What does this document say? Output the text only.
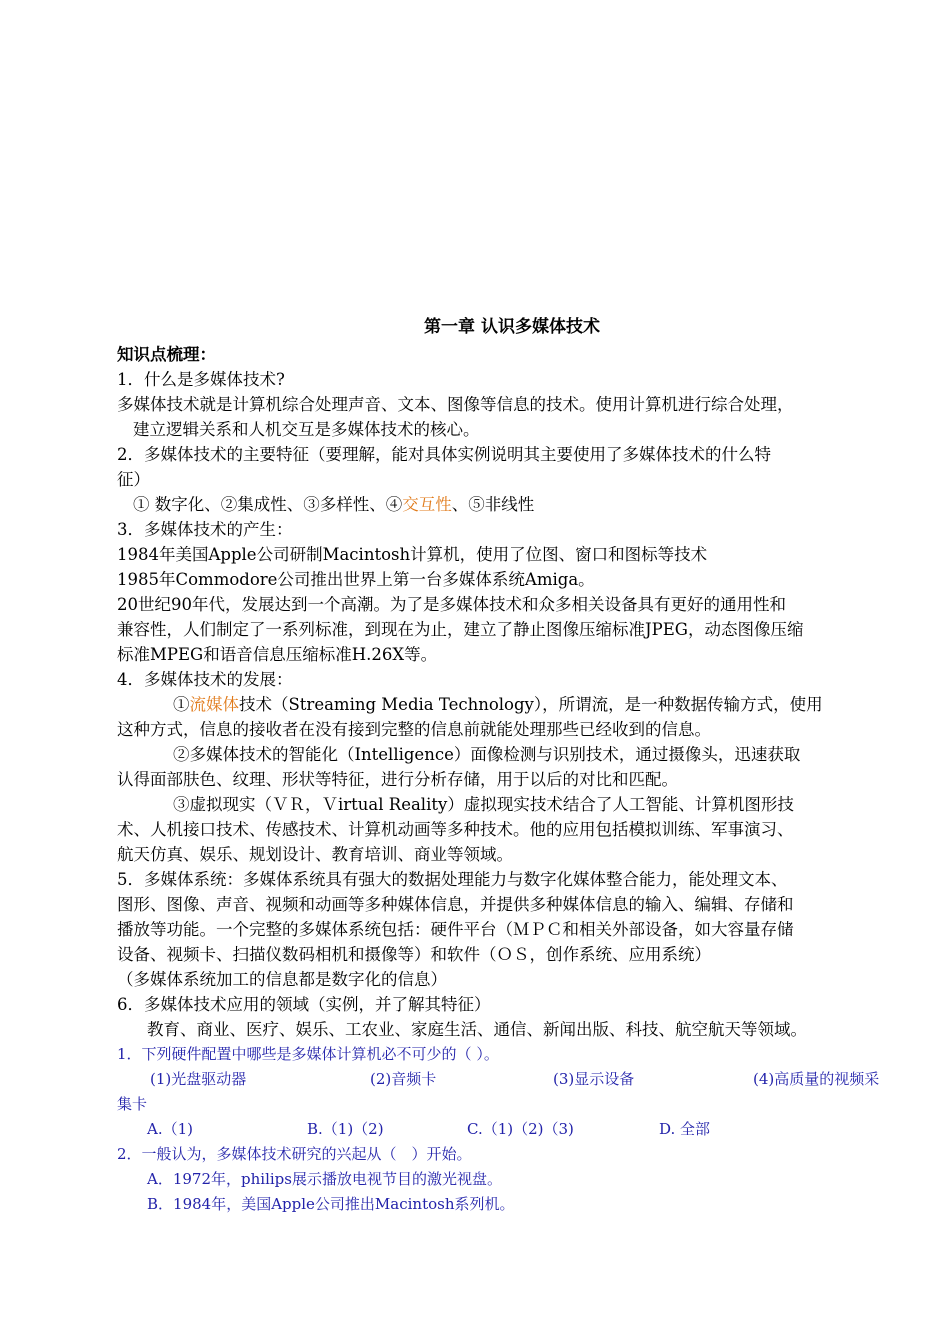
第一章 认识多媒体技术
知识点梳理：
1．什么是多媒体技术?
多媒体技术就是计算机综合处理声音、文本、图像等信息的技术。使用计算机进行综合处理，
建立逻辑关系和人机交互是多媒体技术的核心。
2．多媒体技术的主要特征（要理解，能对具体实例说明其主要使用了多媒体技术的什么特
征）
① 数字化、②集成性、③多样性、④交互性、⑤非线性
3．多媒体技术的产生：
1984年美国Apple公司研制Macintosh计算机，使用了位图、窗口和图标等技术
1985年Commodore公司推出世界上第一台多媒体系统Amiga。
20世纪90年代，发展达到一个高潮。为了是多媒体技术和众多相关设备具有更好的通用性和
兼容性，人们制定了一系列标准，到现在为止，建立了静止图像压缩标准JPEG，动态图像压缩
标准MPEG和语音信息压缩标准H.26X等。
4．多媒体技术的发展：
①流媒体技术（Streaming Media Technology），所谓流，是一种数据传输方式，使用
这种方式，信息的接收者在没有接到完整的信息前就能处理那些已经收到的信息。
②多媒体技术的智能化（Intelligence）面像检测与识别技术，通过摄像头，迅速获取
认得面部肤色、纹理、形状等特征，进行分析存储，用于以后的对比和匹配。
③虚拟现实（ＶＲ，Ｖirtual Reality）虚拟现实技术结合了人工智能、计算机图形技
术、人机接口技术、传感技术、计算机动画等多种技术。他的应用包括模拟训练、军事演习、
航天仿真、娱乐、规划设计、教育培训、商业等领域。
5．多媒体系统：多媒体系统具有强大的数据处理能力与数字化媒体整合能力，能处理文本、
图形、图像、声音、视频和动画等多种媒体信息，并提供多种媒体信息的输入、编辑、存储和
播放等功能。一个完整的多媒体系统包括：硬件平台（ＭＰＣ和相关外部设备，如大容量存储
设备、视频卡、扫描仪数码相机和摄像等）和软件（ＯＳ，创作系统、应用系统）
（多媒体系统加工的信息都是数字化的信息）
6．多媒体技术应用的领域（实例，并了解其特征）
教育、商业、医疗、娱乐、工农业、家庭生活、通信、新闻出版、科技、航空航天等领域。
1．下列硬件配置中哪些是多媒体计算机必不可少的（ ）。
(1)光盘驱动器	(2)音频卡	(3)显示设备	(4)高质量的视频采
集卡
A.（1)	B.（1)（2)	C.（1)（2)（3)	D. 全部
2．一般认为，多媒体技术研究的兴起从（　）开始。
A．1972年，philips展示播放电视节目的激光视盘。
B．1984年，美国Apple公司推出Macintosh系列机。
